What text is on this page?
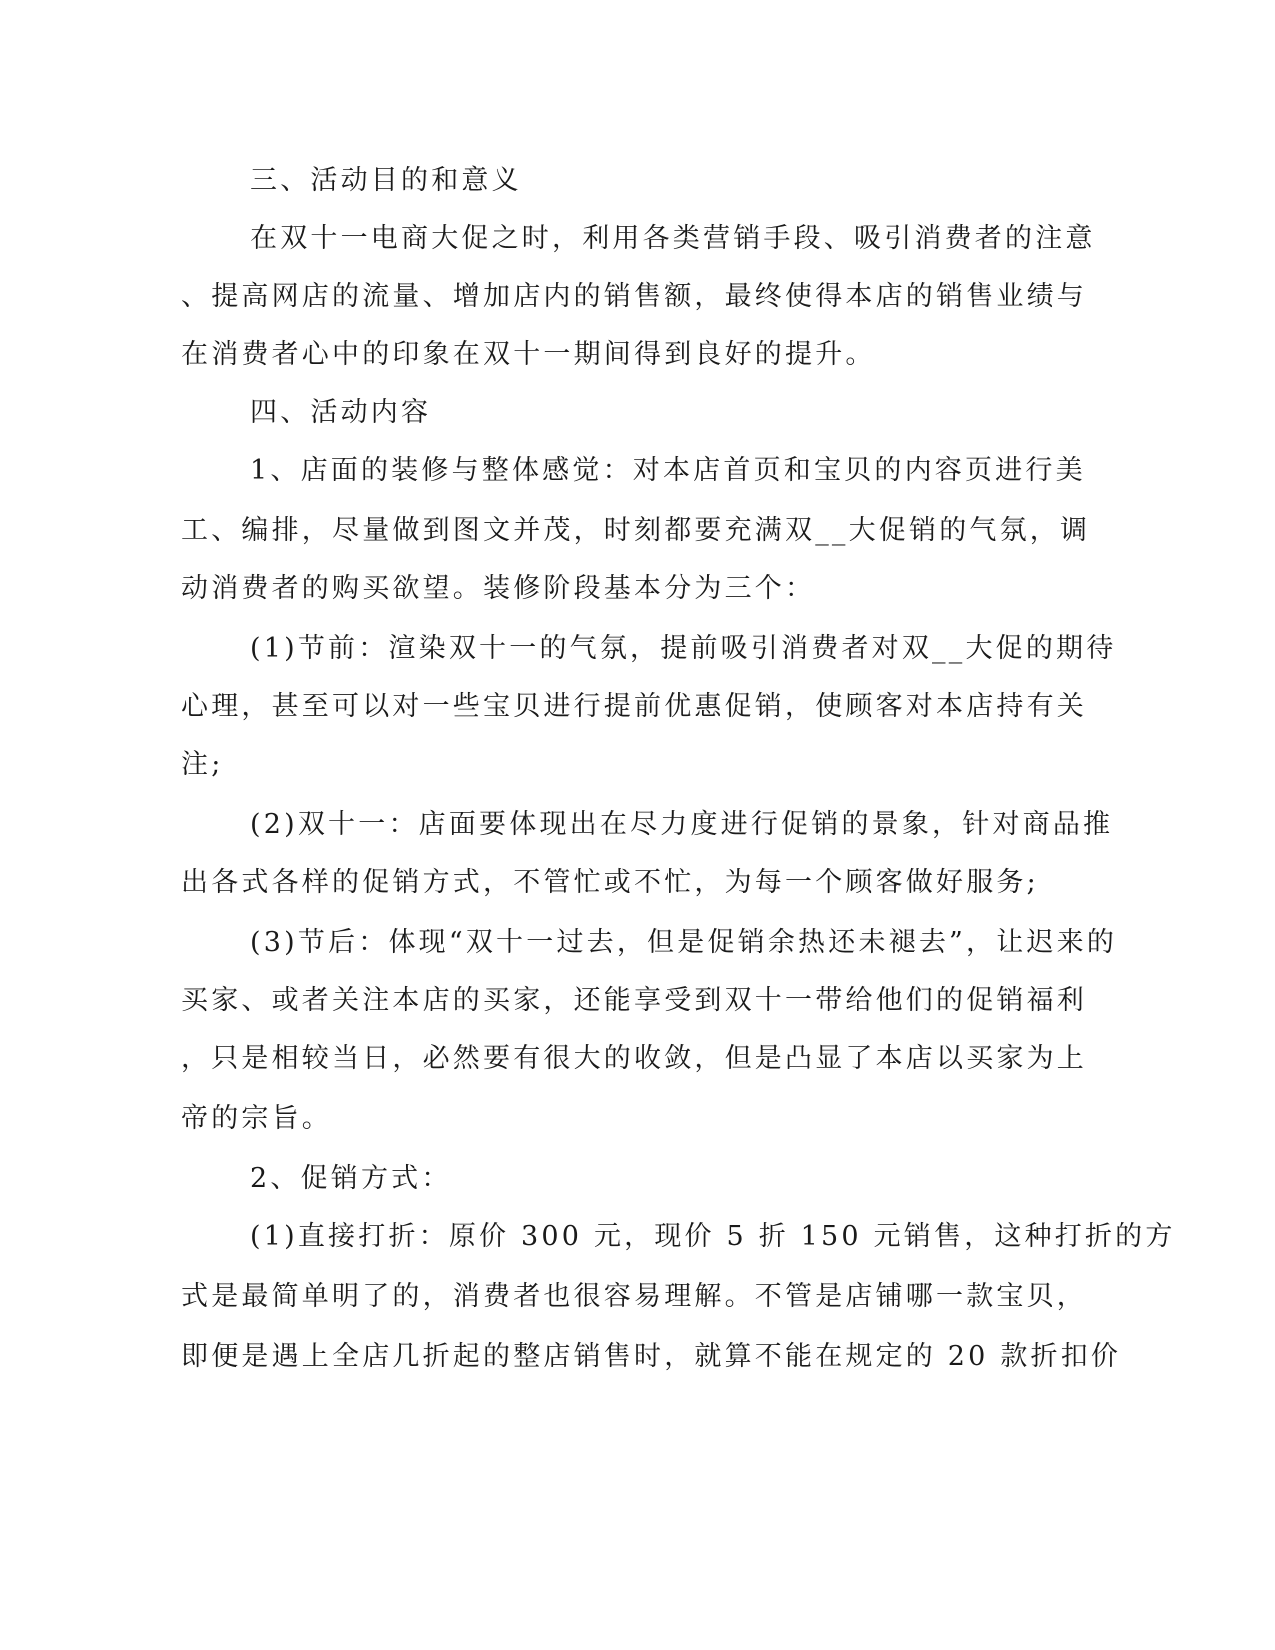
三、活动目的和意义
在双十一电商大促之时，利用各类营销手段、吸引消费者的注意
、提高网店的流量、增加店内的销售额，最终使得本店的销售业绩与
在消费者心中的印象在双十一期间得到良好的提升。
四、活动内容
1、店面的装修与整体感觉：对本店首页和宝贝的内容页进行美
工、编排，尽量做到图文并茂，时刻都要充满双__大促销的气氛，调
动消费者的购买欲望。装修阶段基本分为三个：
(1)节前：渲染双十一的气氛，提前吸引消费者对双__大促的期待
心理，甚至可以对一些宝贝进行提前优惠促销，使顾客对本店持有关
注;
(2)双十一：店面要体现出在尽力度进行促销的景象，针对商品推
出各式各样的促销方式，不管忙或不忙，为每一个顾客做好服务;
(3)节后：体现“双十一过去，但是促销余热还未褪去”，让迟来的
买家、或者关注本店的买家，还能享受到双十一带给他们的促销福利
，只是相较当日，必然要有很大的收敛，但是凸显了本店以买家为上
帝的宗旨。
2、促销方式：
(1)直接打折：原价 300 元，现价 5 折 150 元销售，这种打折的方
式是最简单明了的，消费者也很容易理解。不管是店铺哪一款宝贝，
即便是遇上全店几折起的整店销售时，就算不能在规定的 20 款折扣价
